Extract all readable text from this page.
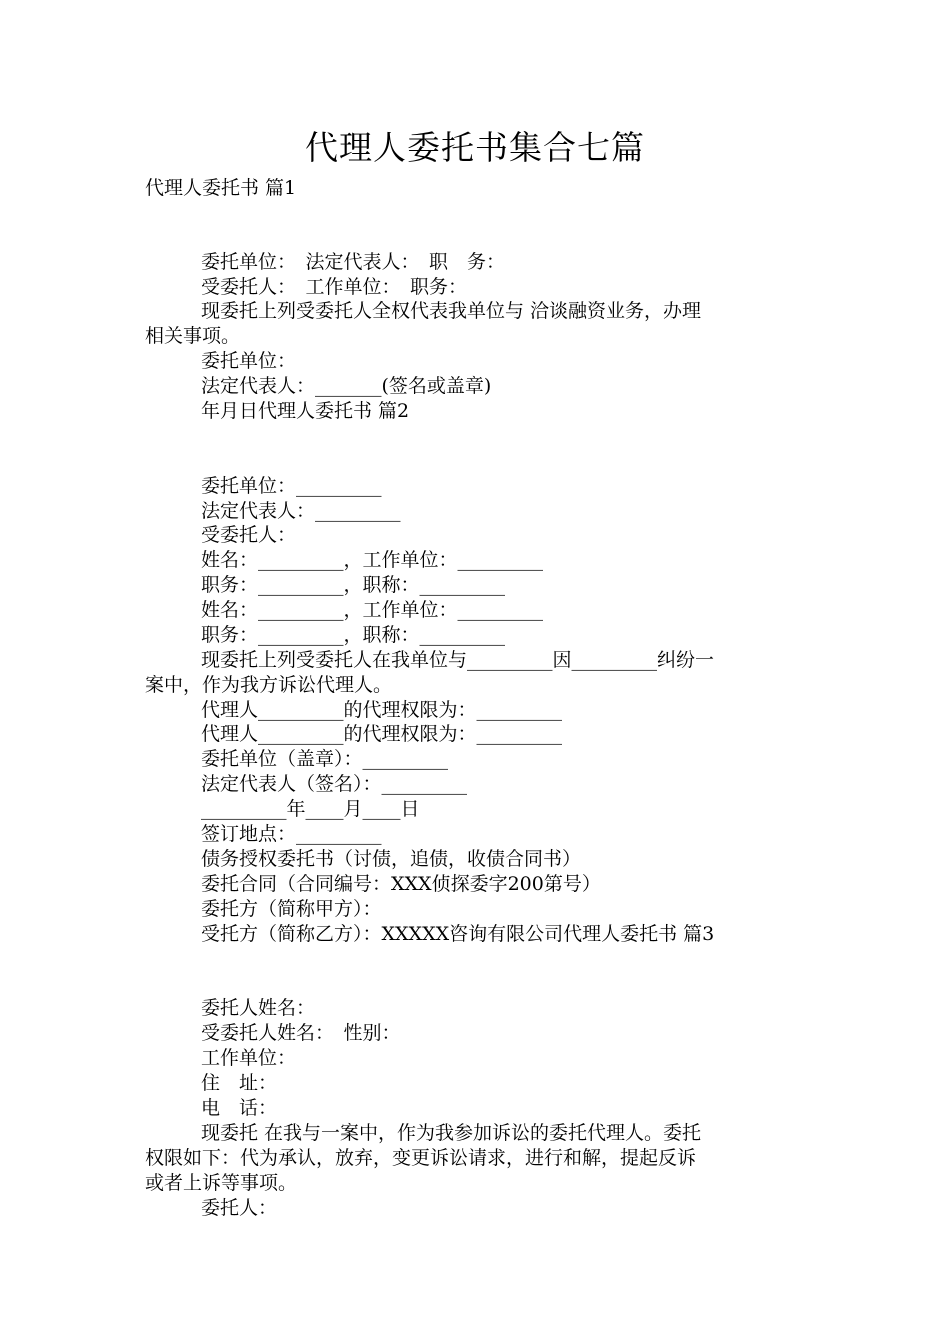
代理人委托书集合七篇
代理人委托书 篇1
委托单位：　法定代表人：　职　务：
受委托人：　工作单位：　职务：
现委托上列受委托人全权代表我单位与 洽谈融资业务，办理
相关事项。
委托单位：
法定代表人：_______(签名或盖章)
年月日代理人委托书 篇2
委托单位：_________
法定代表人：_________
受委托人：
姓名：_________，工作单位：_________
职务：_________，职称：_________
姓名：_________，工作单位：_________
职务：_________，职称：_________
现委托上列受委托人在我单位与_________因_________纠纷一
案中，作为我方诉讼代理人。
代理人_________的代理权限为：_________
代理人_________的代理权限为：_________
委托单位（盖章）：_________
法定代表人（签名）：_________
_________年____月____日
签订地点：_________
债务授权委托书（讨债，追债，收债合同书）
委托合同（合同编号：XXX侦探委字200第号）
委托方（简称甲方）：
受托方（简称乙方）：XXXXX咨询有限公司代理人委托书 篇3
委托人姓名：
受委托人姓名：　性别：
工作单位：
住　址：
电　话：
现委托 在我与一案中，作为我参加诉讼的委托代理人。委托
权限如下：代为承认，放弃，变更诉讼请求，进行和解，提起反诉
或者上诉等事项。
委托人：
